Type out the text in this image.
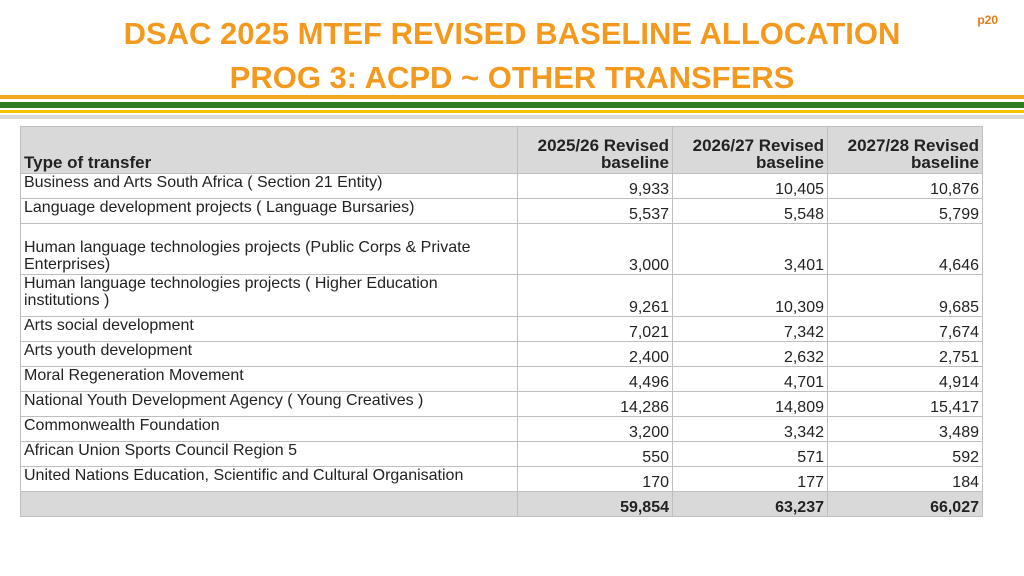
DSAC 2025 MTEF REVISED BASELINE ALLOCATION
PROG 3: ACPD ~ OTHER TRANSFERS
p20
Type of transfer	2025/26 Revised baseline	2026/27 Revised baseline	2027/28 Revised baseline
Business and Arts South Africa ( Section 21 Entity)	9,933	10,405	10,876
Language development projects ( Language Bursaries)	5,537	5,548	5,799
Human language technologies projects (Public Corps & Private Enterprises)	3,000	3,401	4,646
Human language technologies projects ( Higher Education institutions )	9,261	10,309	9,685
Arts social development	7,021	7,342	7,674
Arts youth development	2,400	2,632	2,751
Moral Regeneration Movement	4,496	4,701	4,914
National Youth Development Agency ( Young Creatives )	14,286	14,809	15,417
Commonwealth Foundation	3,200	3,342	3,489
African Union Sports Council Region 5	550	571	592
United Nations Education, Scientific and Cultural Organisation	170	177	184
	59,854	63,237	66,027
